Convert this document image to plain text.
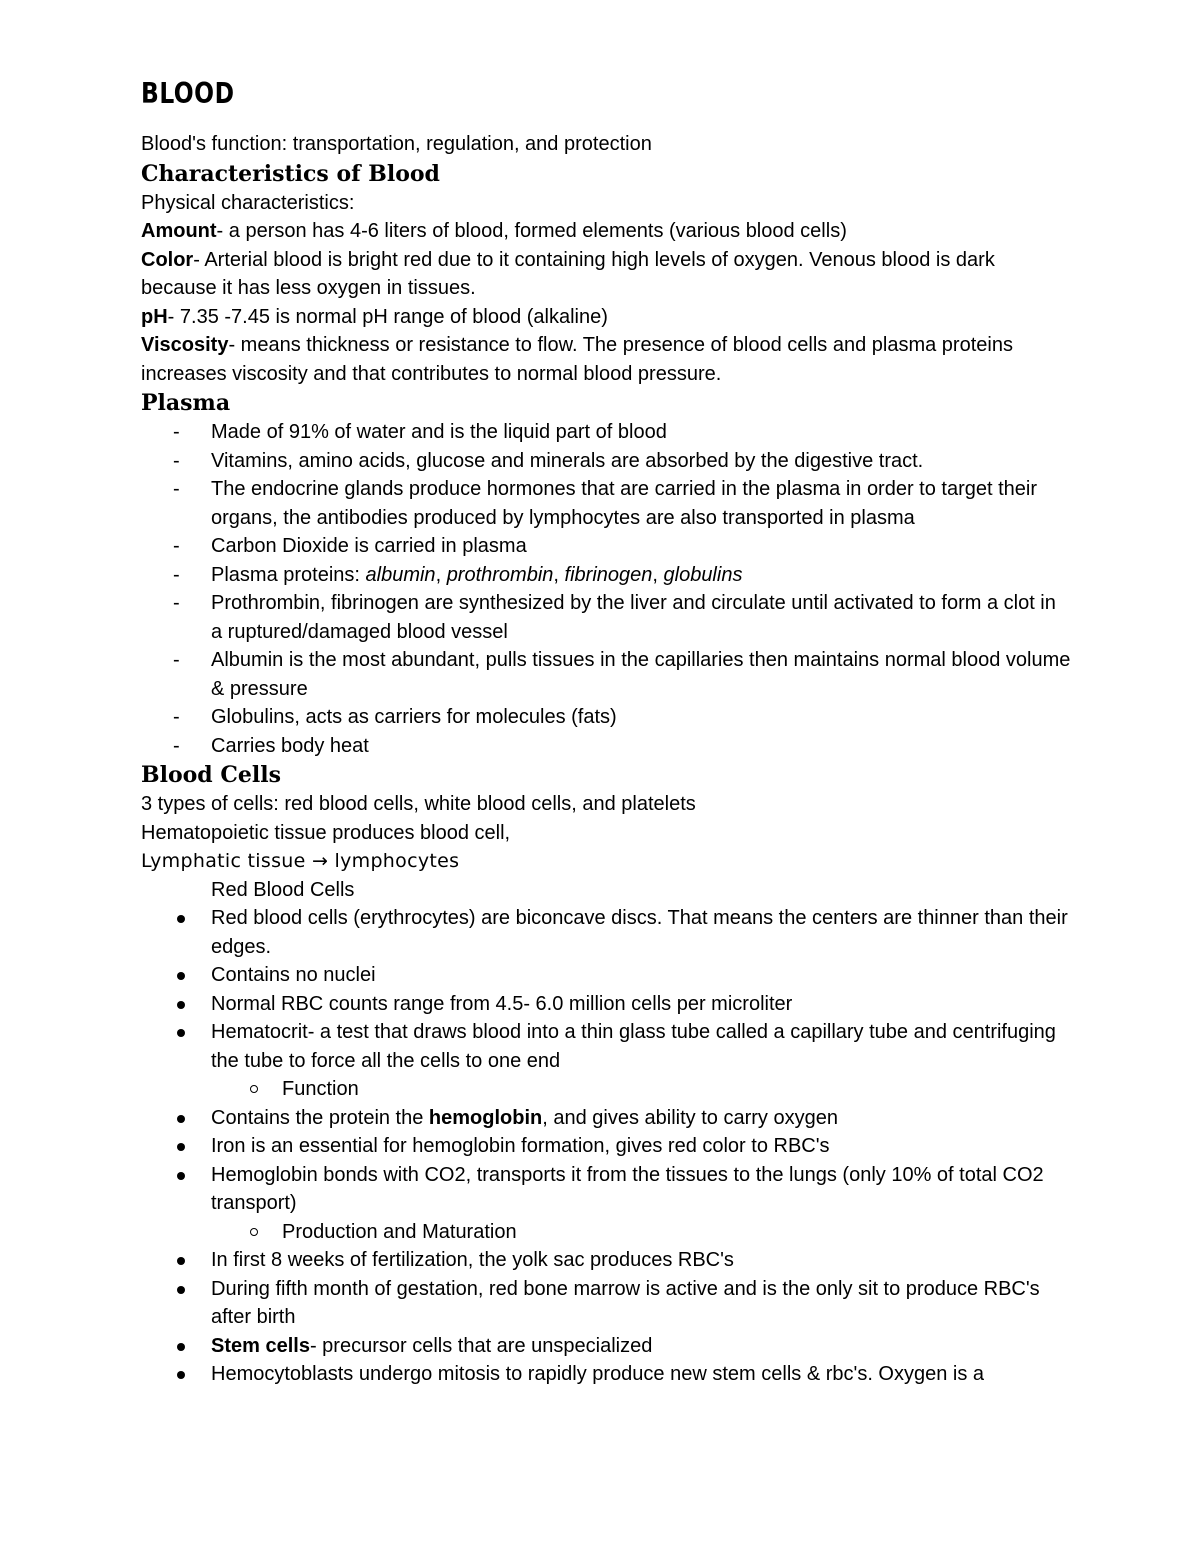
BLOOD

Blood's function: transportation, regulation, and protection

Characteristics of Blood

Physical characteristics:

Amount- a person has 4-6 liters of blood, formed elements (various blood cells)

Color- Arterial blood is bright red due to it containing high levels of oxygen. Venous blood is dark because it has less oxygen in tissues.

pH- 7.35 -7.45 is normal pH range of blood (alkaline)

Viscosity- means thickness or resistance to flow. The presence of blood cells and plasma proteins increases viscosity and that contributes to normal blood pressure.

Plasma
-	Made of 91% of water and is the liquid part of blood
-	Vitamins, amino acids, glucose and minerals are absorbed by the digestive tract.
-	The endocrine glands produce hormones that are carried in the plasma in order to target their organs, the antibodies produced by lymphocytes are also transported in plasma
-	Carbon Dioxide is carried in plasma
-	Plasma proteins: albumin, prothrombin, fibrinogen, globulins
-	Prothrombin, fibrinogen are synthesized by the liver and circulate until activated to form a clot in a ruptured/damaged blood vessel
-	Albumin is the most abundant, pulls tissues in the capillaries then maintains normal blood volume & pressure
-	Globulins, acts as carriers for molecules (fats)
-	Carries body heat
Blood Cells

3 types of cells: red blood cells, white blood cells, and platelets

Hematopoietic tissue produces blood cell,

Lymphatic tissue → lymphocytes

Red Blood Cells

Red blood cells (erythrocytes) are biconcave discs. That means the centers are thinner than their edges.
Contains no nuclei
Normal RBC counts range from 4.5- 6.0 million cells per microliter
Hematocrit- a test that draws blood into a thin glass tube called a capillary tube and centrifuging the tube to force all the cells to one end
Function
Contains the protein the hemoglobin, and gives ability to carry oxygen
Iron is an essential for hemoglobin formation, gives red color to RBC's
Hemoglobin bonds with CO2, transports it from the tissues to the lungs (only 10% of total CO2 transport)
Production and Maturation
In first 8 weeks of fertilization, the yolk sac produces RBC's
During fifth month of gestation, red bone marrow is active and is the only sit to produce RBC's after birth
Stem cells- precursor cells that are unspecialized
Hemocytoblasts undergo mitosis to rapidly produce new stem cells & rbc's. Oxygen is a
